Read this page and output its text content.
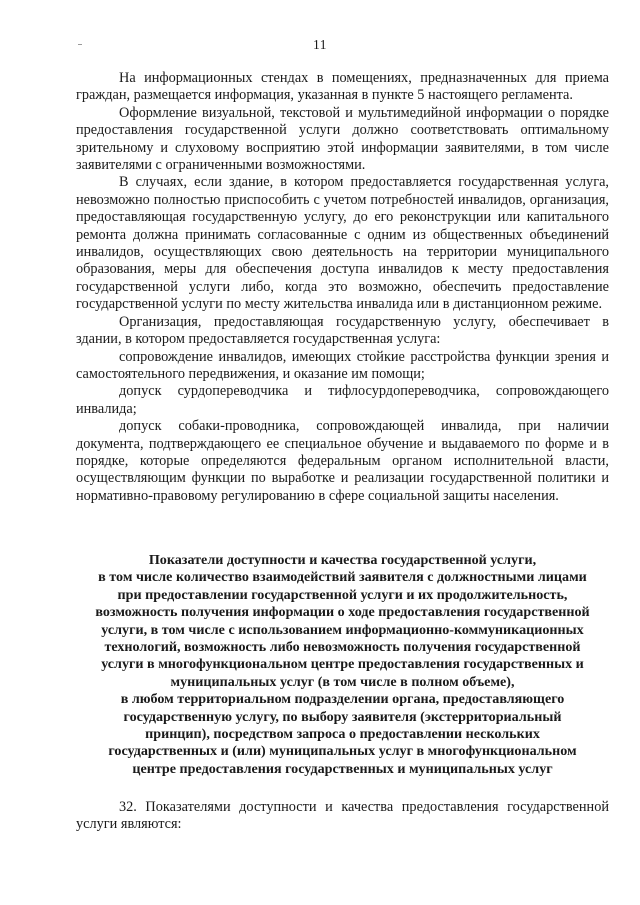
11

На информационных стендах в помещениях, предназначенных для приема граждан, размещается информация, указанная в пункте 5 настоящего регламента.

Оформление визуальной, текстовой и мультимедийной информации о порядке предоставления государственной услуги должно соответствовать оптимальному зрительному и слуховому восприятию этой информации заявителями, в том числе заявителями с ограниченными возможностями.

В случаях, если здание, в котором предоставляется государственная услуга, невозможно полностью приспособить с учетом потребностей инвалидов, организация, предоставляющая государственную услугу, до его реконструкции или капитального ремонта должна принимать согласованные с одним из общественных объединений инвалидов, осуществляющих свою деятельность на территории муниципального образования, меры для обеспечения доступа инвалидов к месту предоставления государственной услуги либо, когда это возможно, обеспечить предоставление государственной услуги по месту жительства инвалида или в дистанционном режиме.

Организация, предоставляющая государственную услугу, обеспечивает в здании, в котором предоставляется государственная услуга:

сопровождение инвалидов, имеющих стойкие расстройства функции зрения и самостоятельного передвижения, и оказание им помощи;

допуск сурдопереводчика и тифлосурдопереводчика, сопровождающего инвалида;

допуск собаки-проводника, сопровождающей инвалида, при наличии документа, подтверждающего ее специальное обучение и выдаваемого по форме и в порядке, которые определяются федеральным органом исполнительной власти, осуществляющим функции по выработке и реализации государственной политики и нормативно-правовому регулированию в сфере социальной защиты населения.

Показатели доступности и качества государственной услуги,
в том числе количество взаимодействий заявителя с должностными лицами
при предоставлении государственной услуги и их продолжительность,
возможность получения информации о ходе предоставления государственной
услуги, в том числе с использованием информационно-коммуникационных
технологий, возможность либо невозможность получения государственной
услуги в многофункциональном центре предоставления государственных и
муниципальных услуг (в том числе в полном объеме),
в любом территориальном подразделении органа, предоставляющего
государственную услугу, по выбору заявителя (экстерриториальный
принцип), посредством запроса о предоставлении нескольких
государственных и (или) муниципальных услуг в многофункциональном
центре предоставления государственных и муниципальных услуг

32. Показателями доступности и качества предоставления государственной услуги являются:
